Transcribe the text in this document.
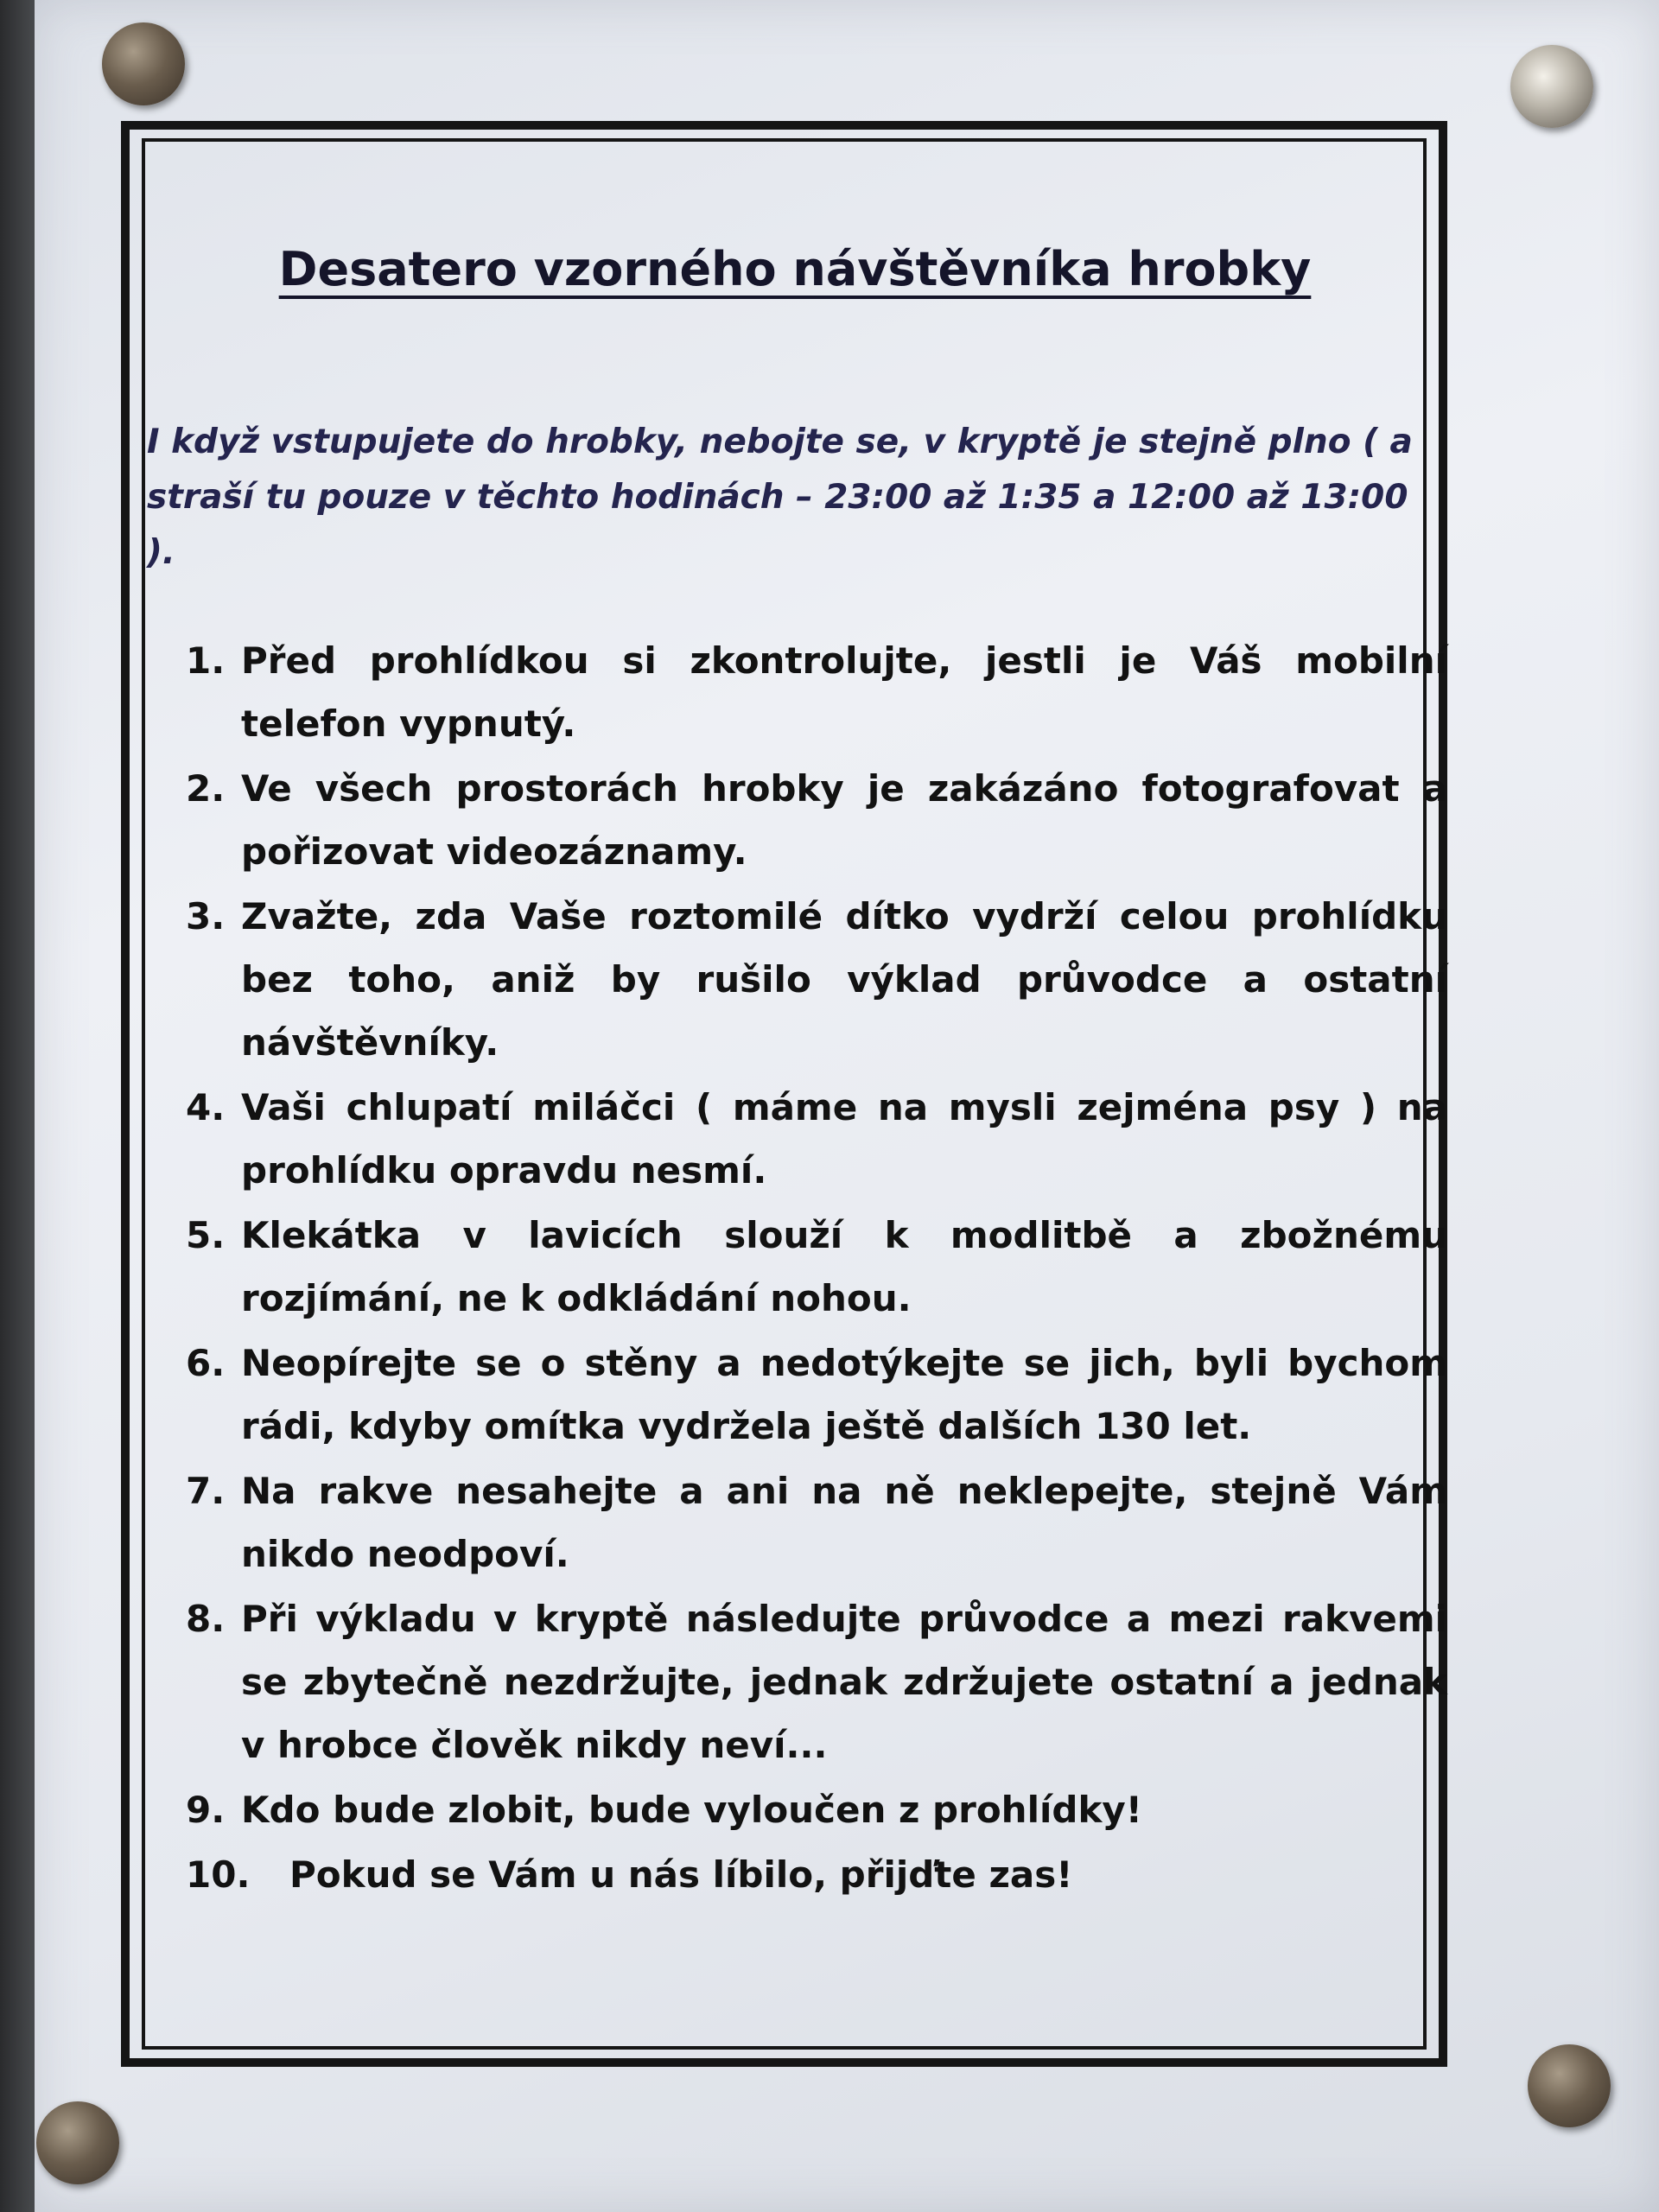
Desatero vzorného návštěvníka hrobky
I když vstupujete do hrobky, nebojte se, v kryptě je stejně plno ( a straší tu pouze v těchto hodinách – 23:00 až 1:35 a 12:00 až 13:00 ).
1. Před prohlídkou si zkontrolujte, jestli je Váš mobilní telefon vypnutý.
2. Ve všech prostorách hrobky je zakázáno fotografovat a pořizovat videozáznamy.
3. Zvažte, zda Vaše roztomilé dítko vydrží celou prohlídku bez toho, aniž by rušilo výklad průvodce a ostatní návštěvníky.
4. Vaši chlupatí miláčci ( máme na mysli zejména psy ) na prohlídku opravdu nesmí.
5. Klekátka v lavicích slouží k modlitbě a zbožnému rozjímání, ne k odkládání nohou.
6. Neopírejte se o stěny a nedotýkejte se jich, byli bychom rádi, kdyby omítka vydržela ještě dalších 130 let.
7. Na rakve nesahejte a ani na ně neklepejte, stejně Vám nikdo neodpoví.
8. Při výkladu v kryptě následujte průvodce a mezi rakvemi se zbytečně nezdržujte, jednak zdržujete ostatní a jednak v hrobce člověk nikdy neví...
9. Kdo bude zlobit, bude vyloučen z prohlídky!
10.	Pokud se Vám u nás líbilo, přijďte zas!
